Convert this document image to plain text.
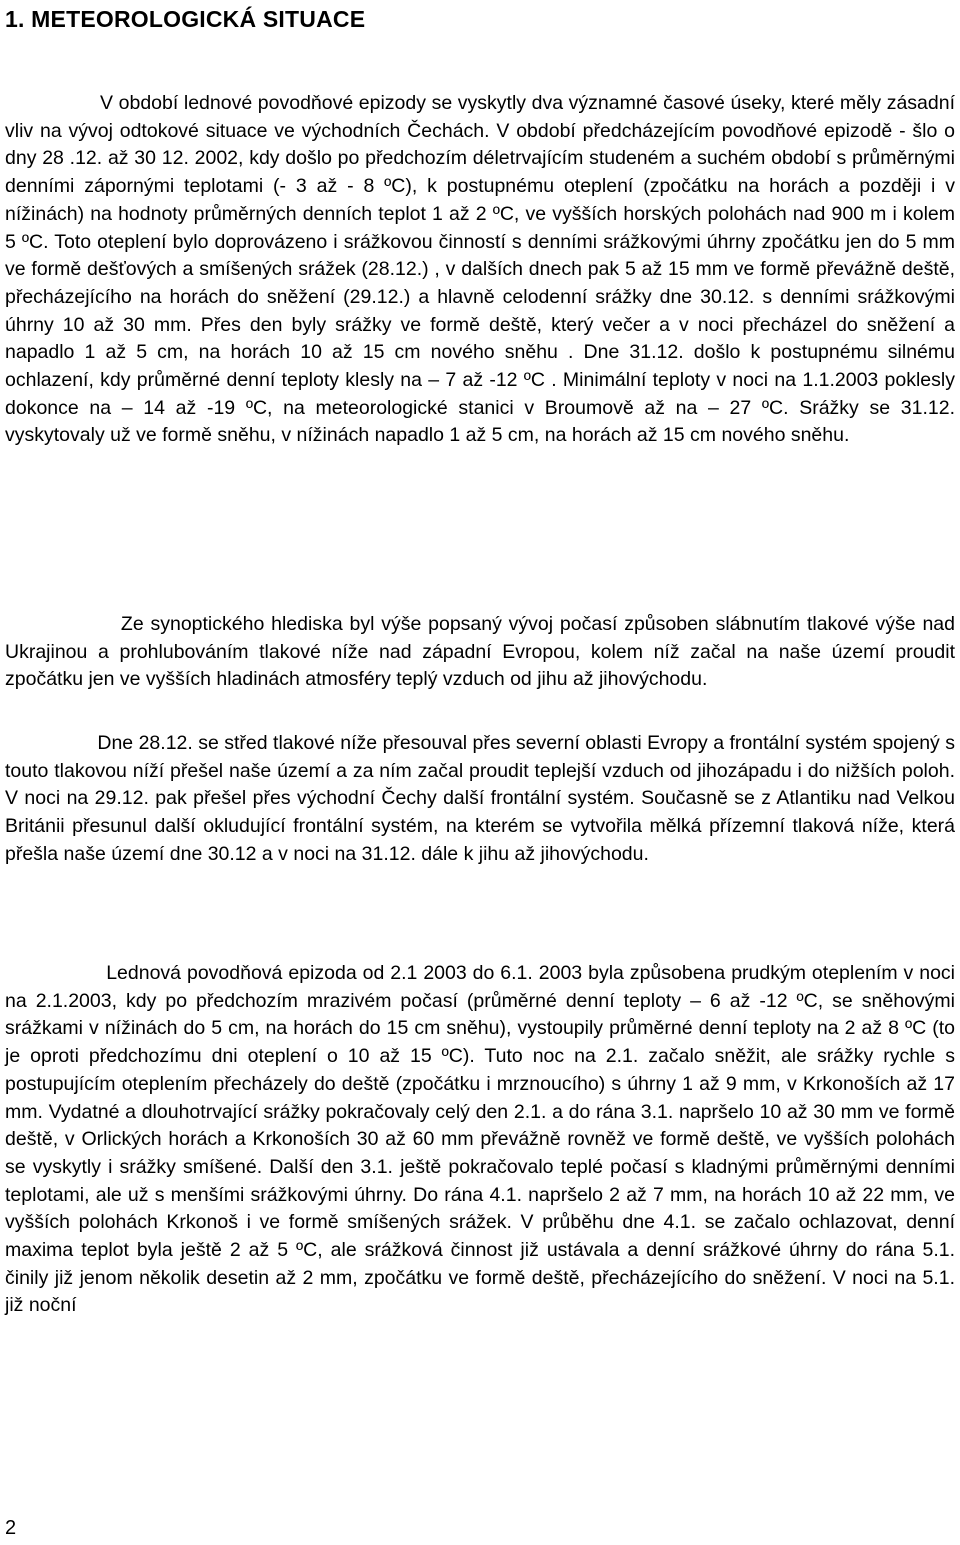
1. METEOROLOGICKÁ SITUACE

V období lednové povodňové epizody se vyskytly dva významné časové úseky, které měly zásadní vliv na vývoj odtokové situace ve východních Čechách. V období předcházejícím povodňové epizodě - šlo o dny 28 .12. až 30 12. 2002, kdy došlo po předchozím déletrvajícím studeném a suchém období s průměrnými denními zápornými teplotami (- 3 až - 8 ºC), k postupnému oteplení (zpočátku na horách a později i v nížinách) na hodnoty průměrných denních teplot 1 až 2 ºC, ve vyšších horských polohách nad 900 m i kolem 5 ºC. Toto oteplení bylo doprovázeno i srážkovou činností s denními srážkovými úhrny zpočátku jen do 5 mm ve formě dešťových a smíšených srážek (28.12.) , v dalších dnech pak 5 až 15 mm ve formě převážně deště, přecházejícího na horách do sněžení (29.12.) a hlavně celodenní srážky dne 30.12. s denními srážkovými úhrny 10 až 30 mm. Přes den byly srážky ve formě deště, který večer a v noci přecházel do sněžení a napadlo 1 až 5 cm, na horách 10 až 15 cm nového sněhu . Dne 31.12. došlo k postupnému silnému ochlazení, kdy průměrné denní teploty klesly na – 7 až -12 ºC . Minimální teploty v noci na 1.1.2003 poklesly dokonce na – 14 až -19 ºC, na meteorologické stanici v Broumově až na – 27 ºC. Srážky se 31.12. vyskytovaly už ve formě sněhu, v nížinách napadlo 1 až 5 cm, na horách až 15 cm nového sněhu.

Ze synoptického hlediska byl výše popsaný vývoj počasí způsoben slábnutím tlakové výše nad Ukrajinou a prohlubováním tlakové níže nad západní Evropou, kolem níž začal na naše území proudit zpočátku jen ve vyšších hladinách atmosféry teplý vzduch od jihu až jihovýchodu.

Dne 28.12. se střed tlakové níže přesouval přes severní oblasti Evropy a frontální systém spojený s touto tlakovou níží přešel naše území a za ním začal proudit teplejší vzduch od jihozápadu i do nižších poloh. V noci na 29.12. pak přešel přes východní Čechy další frontální systém. Současně se z Atlantiku nad Velkou Británii přesunul další okludující frontální systém, na kterém se vytvořila mělká přízemní tlaková níže, která přešla naše území dne 30.12 a v noci na 31.12. dále k jihu až jihovýchodu.

Lednová povodňová epizoda od 2.1 2003 do 6.1. 2003 byla způsobena prudkým oteplením v noci na 2.1.2003, kdy po předchozím mrazivém počasí (průměrné denní teploty – 6 až -12 ºC, se sněhovými srážkami v nížinách do 5 cm, na horách do 15 cm sněhu), vystoupily průměrné denní teploty na 2 až 8 ºC (to je oproti předchozímu dni oteplení o 10 až 15 ºC). Tuto noc na 2.1. začalo sněžit, ale srážky rychle s postupujícím oteplením přecházely do deště (zpočátku i mrznoucího) s úhrny 1 až 9 mm, v Krkonoších až 17 mm. Vydatné a dlouhotrvající srážky pokračovaly celý den 2.1. a do rána 3.1. napršelo 10 až 30 mm ve formě deště, v Orlických horách a Krkonoších 30 až 60 mm převážně rovněž ve formě deště, ve vyšších polohách se vyskytly i srážky smíšené. Další den 3.1. ještě pokračovalo teplé počasí s kladnými průměrnými denními teplotami, ale už s menšími srážkovými úhrny. Do rána 4.1. napršelo 2 až 7 mm, na horách 10 až 22 mm, ve vyšších polohách Krkonoš i ve formě smíšených srážek. V průběhu dne 4.1. se začalo ochlazovat, denní maxima teplot byla ještě 2 až 5 ºC, ale srážková činnost již ustávala a denní srážkové úhrny do rána 5.1. činily již jenom několik desetin až 2 mm, zpočátku ve formě deště, přecházejícího do sněžení. V noci na 5.1. již noční

2
